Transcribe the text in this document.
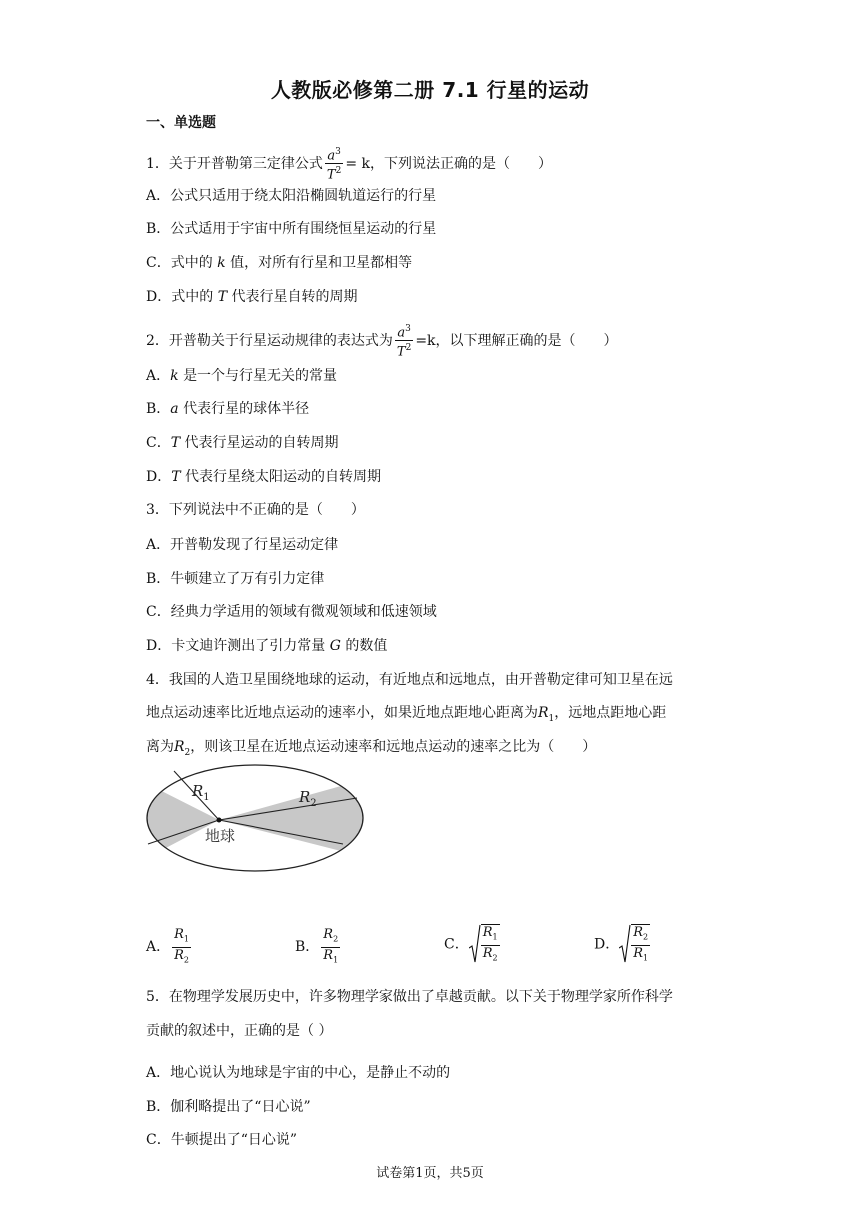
人教版必修第二册 7.1 行星的运动
一、单选题
1．关于开普勒第三定律公式 $\frac{a^3}{T^2} = k$，下列说法正确的是（　　）
A．公式只适用于绕太阳沿椭圆轨道运行的行星
B．公式适用于宇宙中所有围绕恒星运动的行星
C．式中的 k 值，对所有行星和卫星都相等
D．式中的 T 代表行星自转的周期
2．开普勒关于行星运动规律的表达式为 $\frac{a^3}{T^2} =k$，以下理解正确的是（　　）
A．k 是一个与行星无关的常量
B．a 代表行星的球体半径
C．T 代表行星运动的自转周期
D．T 代表行星绕太阳运动的自转周期
3．下列说法中不正确的是（　　）
A．开普勒发现了行星运动定律
B．牛顿建立了万有引力定律
C．经典力学适用的领域有微观领域和低速领域
D．卡文迪许测出了引力常量 G 的数值
4．我国的人造卫星围绕地球的运动，有近地点和远地点，由开普勒定律可知卫星在远
地点运动速率比近地点运动的速率小，如果近地点距地心距离为$R_1$，远地点距地心距
离为$R_2$，则该卫星在近地点运动速率和远地点运动的速率之比为（　　）
$R_1$	$R_2$
地球
A． $\frac{R_1}{R_2}$	B． $\frac{R_2}{R_1}$	C． $\frac{R_1}{R_2}$	D． $\frac{R_2}{R_1}$
5．在物理学发展历史中，许多物理学家做出了卓越贡献。以下关于物理学家所作科学
贡献的叙述中，正确的是（ ）
A．地心说认为地球是宇宙的中心，是静止不动的
B．伽利略提出了“日心说”
C．牛顿提出了“日心说”
试卷第1页，共5页
